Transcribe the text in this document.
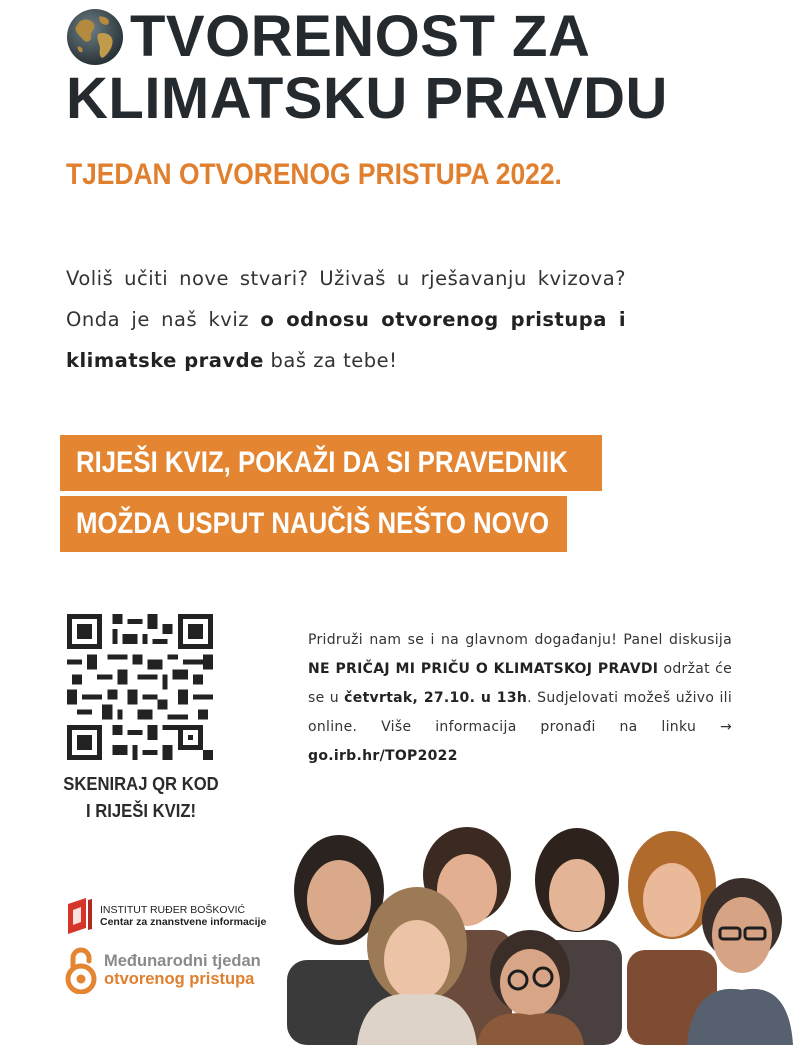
TVORENOST ZA
KLIMATSKU PRAVDU
TJEDAN OTVORENOG PRISTUPA 2022.

Voliš učiti nove stvari? Uživaš u rješavanju kvizova? Onda je naš kviz o odnosu otvorenog pristupa i klimatske pravde baš za tebe!

RIJEŠI KVIZ, POKAŽI DA SI PRAVEDNIK
MOŽDA USPUT NAUČIŠ NEŠTO NOVO
SKENIRAJ QR KOD
I RIJEŠI KVIZ!

Pridruži nam se i na glavnom događanju! Panel diskusija NE PRIČAJ MI PRIČU O KLIMATSKOJ PRAVDI održat će se u četvrtak, 27.10. u 13h. Sudjelovati možeš uživo ili online. Više informacija pronađi na linku → go.irb.hr/TOP2022

INSTITUT RUĐER BOŠKOVIĆ
Centar za znanstvene informacije
Međunarodni tjedan
otvorenog pristupa
